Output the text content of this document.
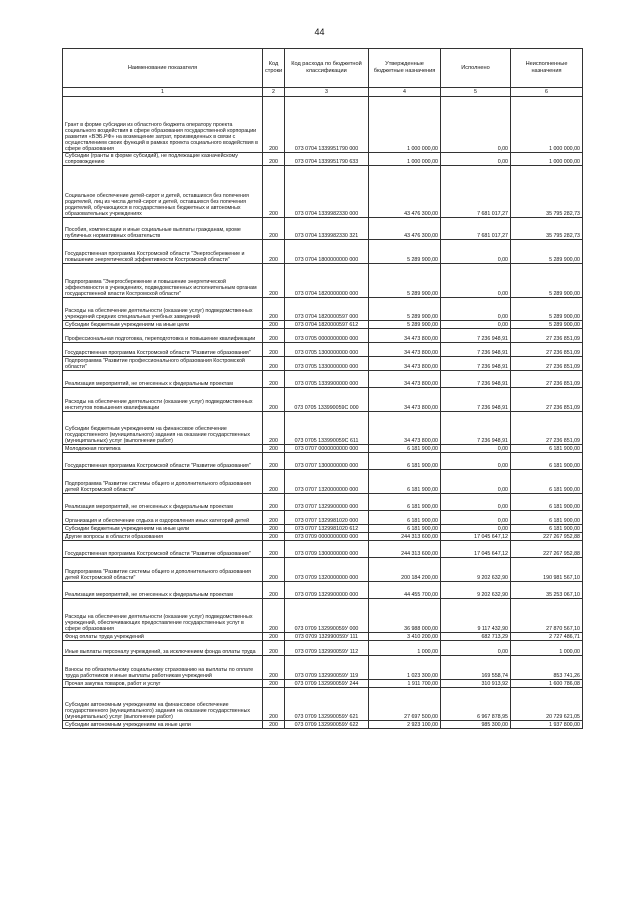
44
Наименование показателя	Код строки	Код расхода по бюджетной классификации	Утвержденные бюджетные назначения	Исполнено	Неисполненные назначения
1	2	3	4	5	6
Грант в форме субсидии из областного бюджета оператору проекта социального воздействия в сфере образования государственной корпорации развития «ВЭБ.РФ» на возмещение затрат, произведенных в связи с осуществлением своих функций в рамках проекта социального воздействия в сфере образования	200	073 0704 1339951790 000	1 000 000,00	0,00	1 000 000,00
Субсидии (гранты в форме субсидий), не подлежащие казначейскому сопровождению	200	073 0704 1339951790 633	1 000 000,00	0,00	1 000 000,00
Социальное обеспечение детей-сирот и детей, оставшихся без попечения родителей, лиц из числа детей-сирот и детей, оставшихся без попечения родителей, обучающихся в государственных бюджетных и автономных образовательных учреждениях	200	073 0704 1339982330 000	43 476 300,00	7 681 017,27	35 795 282,73
Пособия, компенсации и иные социальные выплаты гражданам, кроме публичных нормативных обязательств	200	073 0704 1339982330 321	43 476 300,00	7 681 017,27	35 795 282,73
Государственная программа Костромской области "Энергосбережение и повышение энергетической эффективности Костромской области"	200	073 0704 1800000000 000	5 289 900,00	0,00	5 289 900,00
Подпрограмма "Энергосбережение и повышение энергетической эффективности в учреждениях, подведомственных исполнительным органам государственной власти Костромской области"	200	073 0704 1820000000 000	5 289 900,00	0,00	5 289 900,00
Расходы на обеспечение деятельности (оказание услуг) подведомственных учреждений средних специальных учебных заведений	200	073 0704 1820000597 000	5 289 900,00	0,00	5 289 900,00
Субсидии бюджетным учреждениям на иные цели	200	073 0704 1820000597 612	5 289 900,00	0,00	5 289 900,00
Профессиональная подготовка, переподготовка и повышение квалификации	200	073 0705 0000000000 000	34 473 800,00	7 236 948,91	27 236 851,09
Государственная программа Костромской области "Развитие образования"	200	073 0705 1300000000 000	34 473 800,00	7 236 948,91	27 236 851,09
Подпрограмма "Развитие профессионального образования Костромской области"	200	073 0705 1330000000 000	34 473 800,00	7 236 948,91	27 236 851,09
Реализация мероприятий, не отнесенных к федеральным проектам	200	073 0705 1339900000 000	34 473 800,00	7 236 948,91	27 236 851,09
Расходы на обеспечение деятельности (оказание услуг) подведомственных институтов повышения квалификации	200	073 0705 133990059С 000	34 473 800,00	7 236 948,91	27 236 851,09
Субсидии бюджетным учреждениям на финансовое обеспечение государственного (муниципального) задания на оказание государственных (муниципальных) услуг (выполнение работ)	200	073 0705 133990059С 611	34 473 800,00	7 236 948,91	27 236 851,09
Молодежная политика	200	073 0707 0000000000 000	6 181 900,00	0,00	6 181 900,00
Государственная программа Костромской области "Развитие образования"	200	073 0707 1300000000 000	6 181 900,00	0,00	6 181 900,00
Подпрограмма "Развитие системы общего и дополнительного образования детей Костромской области"	200	073 0707 1320000000 000	6 181 900,00	0,00	6 181 900,00
Реализация мероприятий, не отнесенных к федеральным проектам	200	073 0707 1329900000 000	6 181 900,00	0,00	6 181 900,00
Организация и обеспечение отдыха и оздоровления иных категорий детей	200	073 0707 1329981020 000	6 181 900,00	0,00	6 181 900,00
Субсидии бюджетным учреждениям на иные цели	200	073 0707 1329981020 612	6 181 900,00	0,00	6 181 900,00
Другие вопросы в области образования	200	073 0709 0000000000 000	244 313 600,00	17 045 647,12	227 267 952,88
Государственная программа Костромской области "Развитие образования"	200	073 0709 1300000000 000	244 313 600,00	17 045 647,12	227 267 952,88
Подпрограмма "Развитие системы общего и дополнительного образования детей Костромской области"	200	073 0709 1320000000 000	200 184 200,00	9 202 632,90	190 981 567,10
Реализация мероприятий, не отнесенных к федеральным проектам	200	073 0709 1329900000 000	44 455 700,00	9 202 632,90	35 253 067,10
Расходы на обеспечение деятельности (оказание услуг) подведомственных учреждений, обеспечивающих предоставление государственных услуг в сфере образования	200	073 0709 132990059У 000	36 988 000,00	9 117 432,90	27 870 567,10
Фонд оплаты труда учреждений	200	073 0709 132990059У 111	3 410 200,00	682 713,29	2 727 486,71
Иные выплаты персоналу учреждений, за исключением фонда оплаты труда	200	073 0709 132990059У 112	1 000,00	0,00	1 000,00
Взносы по обязательному социальному страхованию на выплаты по оплате труда работников и иные выплаты работникам учреждений	200	073 0709 132990059У 119	1 023 300,00	169 558,74	853 741,26
Прочая закупка товаров, работ и услуг	200	073 0709 132990059У 244	1 911 700,00	310 913,92	1 600 786,08
Субсидии автономным учреждениям на финансовое обеспечение государственного (муниципального) задания на оказание государственных (муниципальных) услуг (выполнение работ)	200	073 0709 132990059У 621	27 697 500,00	6 967 878,95	20 729 621,05
Субсидии автономным учреждениям на иные цели	200	073 0709 132990059У 622	2 923 100,00	985 300,00	1 937 800,00
